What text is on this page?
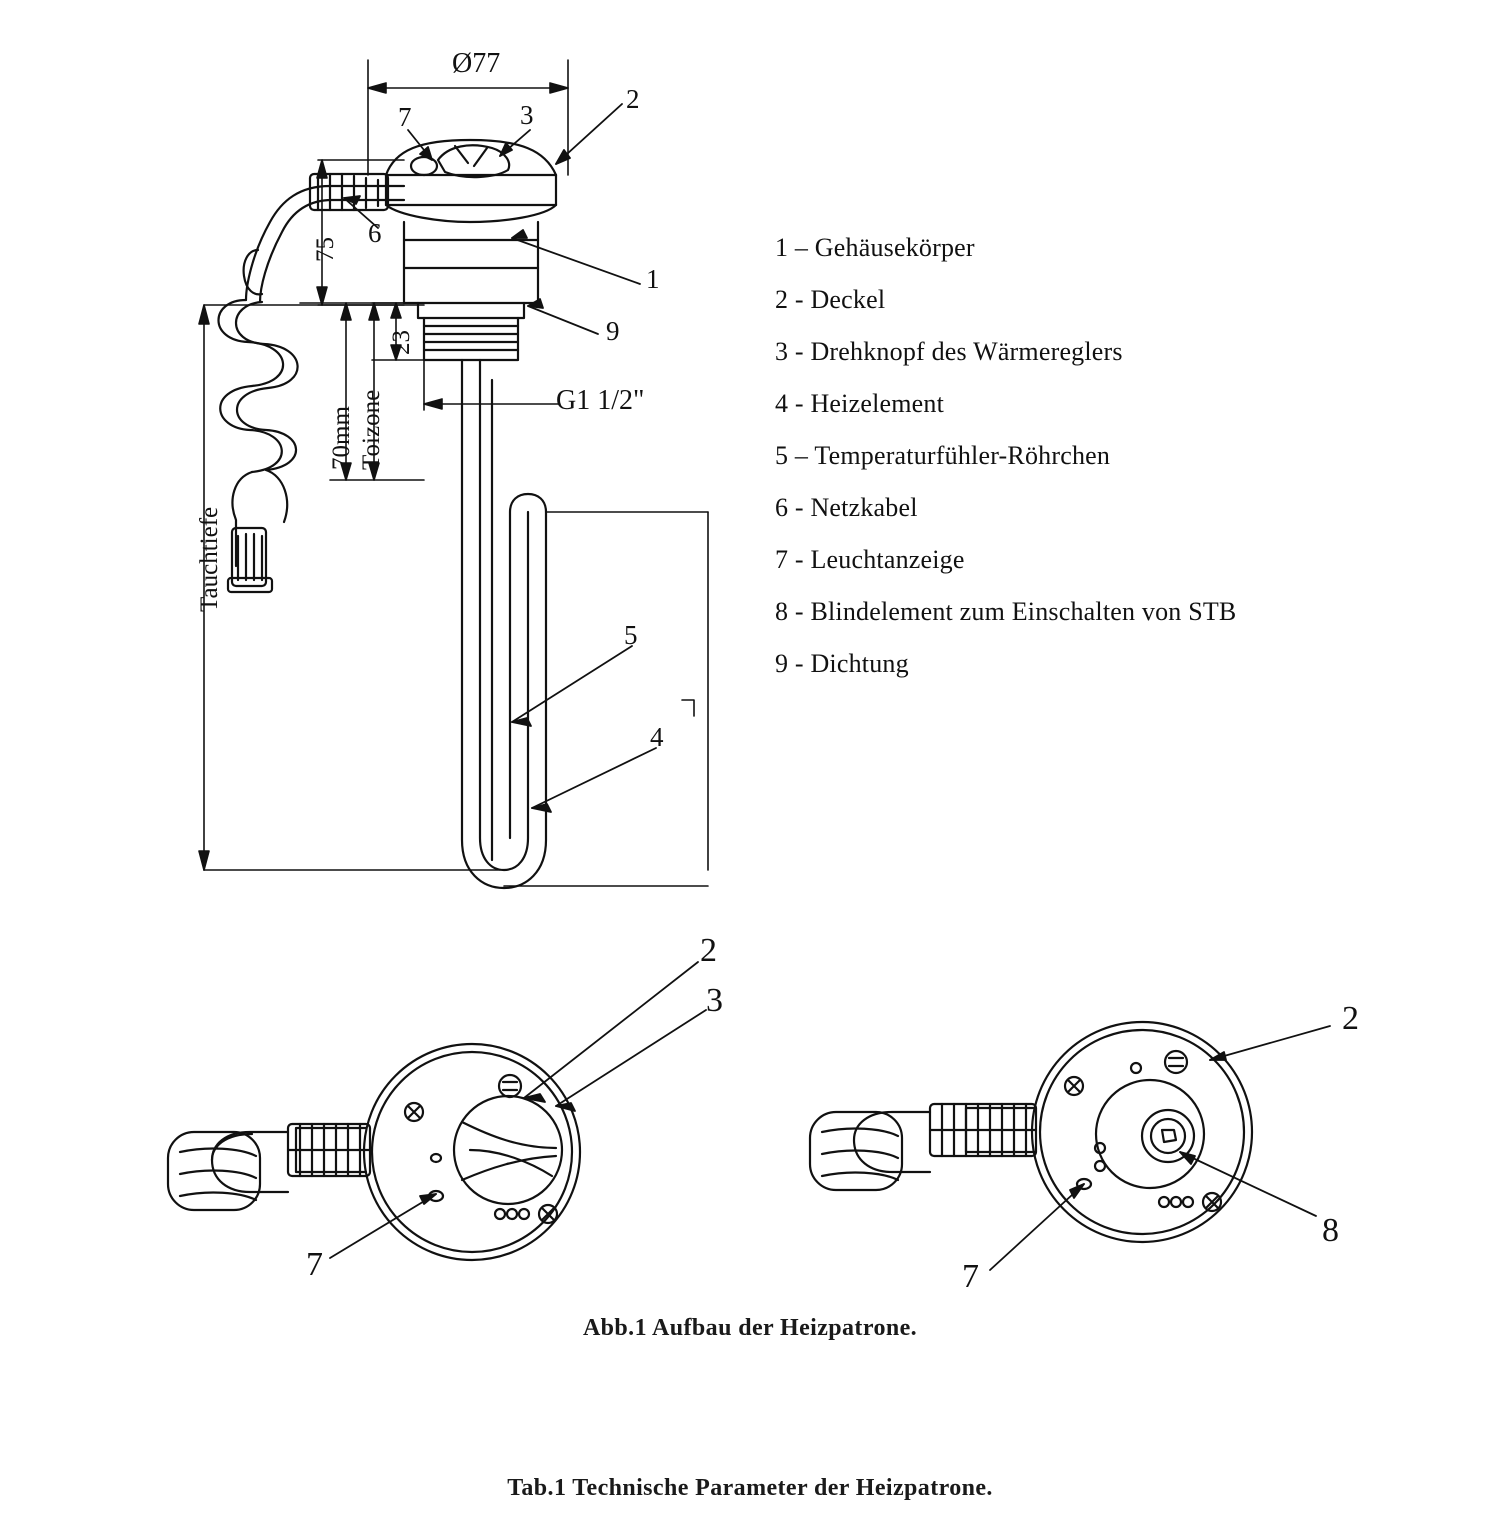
Ø77
75
23
70mm Toizone	G1 1/2"
Tauchtiefe
7	3
2
1
6
9
5
4
2
3
7
2
8
7
1 – Gehäusekörper
2 - Deckel
3 - Drehknopf des Wärmereglers
4 - Heizelement
5 – Temperaturfühler-Röhrchen
6 - Netzkabel
7 - Leuchtanzeige
8 - Blindelement zum Einschalten von STB
9 - Dichtung
Abb.1 Aufbau der Heizpatrone.
Tab.1 Technische Parameter der Heizpatrone.
